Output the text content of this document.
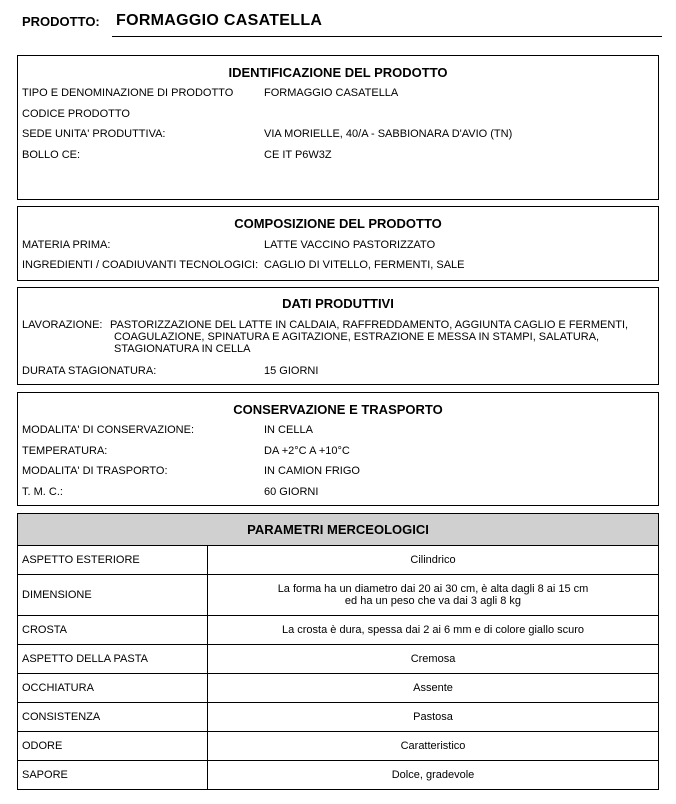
PRODOTTO: FORMAGGIO CASATELLA
IDENTIFICAZIONE DEL PRODOTTO
TIPO E DENOMINAZIONE DI PRODOTTO	FORMAGGIO CASATELLA
CODICE PRODOTTO
SEDE UNITA' PRODUTTIVA:	VIA MORIELLE, 40/A - SABBIONARA D'AVIO (TN)
BOLLO CE:	CE IT P6W3Z
COMPOSIZIONE DEL PRODOTTO
MATERIA PRIMA:	LATTE VACCINO PASTORIZZATO
INGREDIENTI / COADIUVANTI TECNOLOGICI: CAGLIO DI VITELLO, FERMENTI, SALE
DATI PRODUTTIVI
LAVORAZIONE: PASTORIZZAZIONE DEL LATTE IN CALDAIA, RAFFREDDAMENTO, AGGIUNTA CAGLIO E FERMENTI,
COAGULAZIONE, SPINATURA E AGITAZIONE, ESTRAZIONE E MESSA IN STAMPI, SALATURA,
STAGIONATURA IN CELLA
DURATA STAGIONATURA:	15 GIORNI
CONSERVAZIONE E TRASPORTO
MODALITA' DI CONSERVAZIONE:	IN CELLA
TEMPERATURA:	DA +2°C A +10°C
MODALITA' DI TRASPORTO:	IN CAMION FRIGO
T. M. C.:	60 GIORNI
PARAMETRI MERCEOLOGICI	
ASPETTO ESTERIORE	Cilindrico
DIMENSIONE	La forma ha un diametro dai 20 ai 30 cm, è alta dagli 8 ai 15 cm
ed ha un peso che va dai 3 agli 8 kg

CROSTA	La crosta è dura, spessa dai 2 ai 6 mm e di colore giallo scuro
ASPETTO DELLA PASTA	Cremosa
OCCHIATURA	Assente
CONSISTENZA	Pastosa
ODORE	Caratteristico
SAPORE	Dolce, gradevole
